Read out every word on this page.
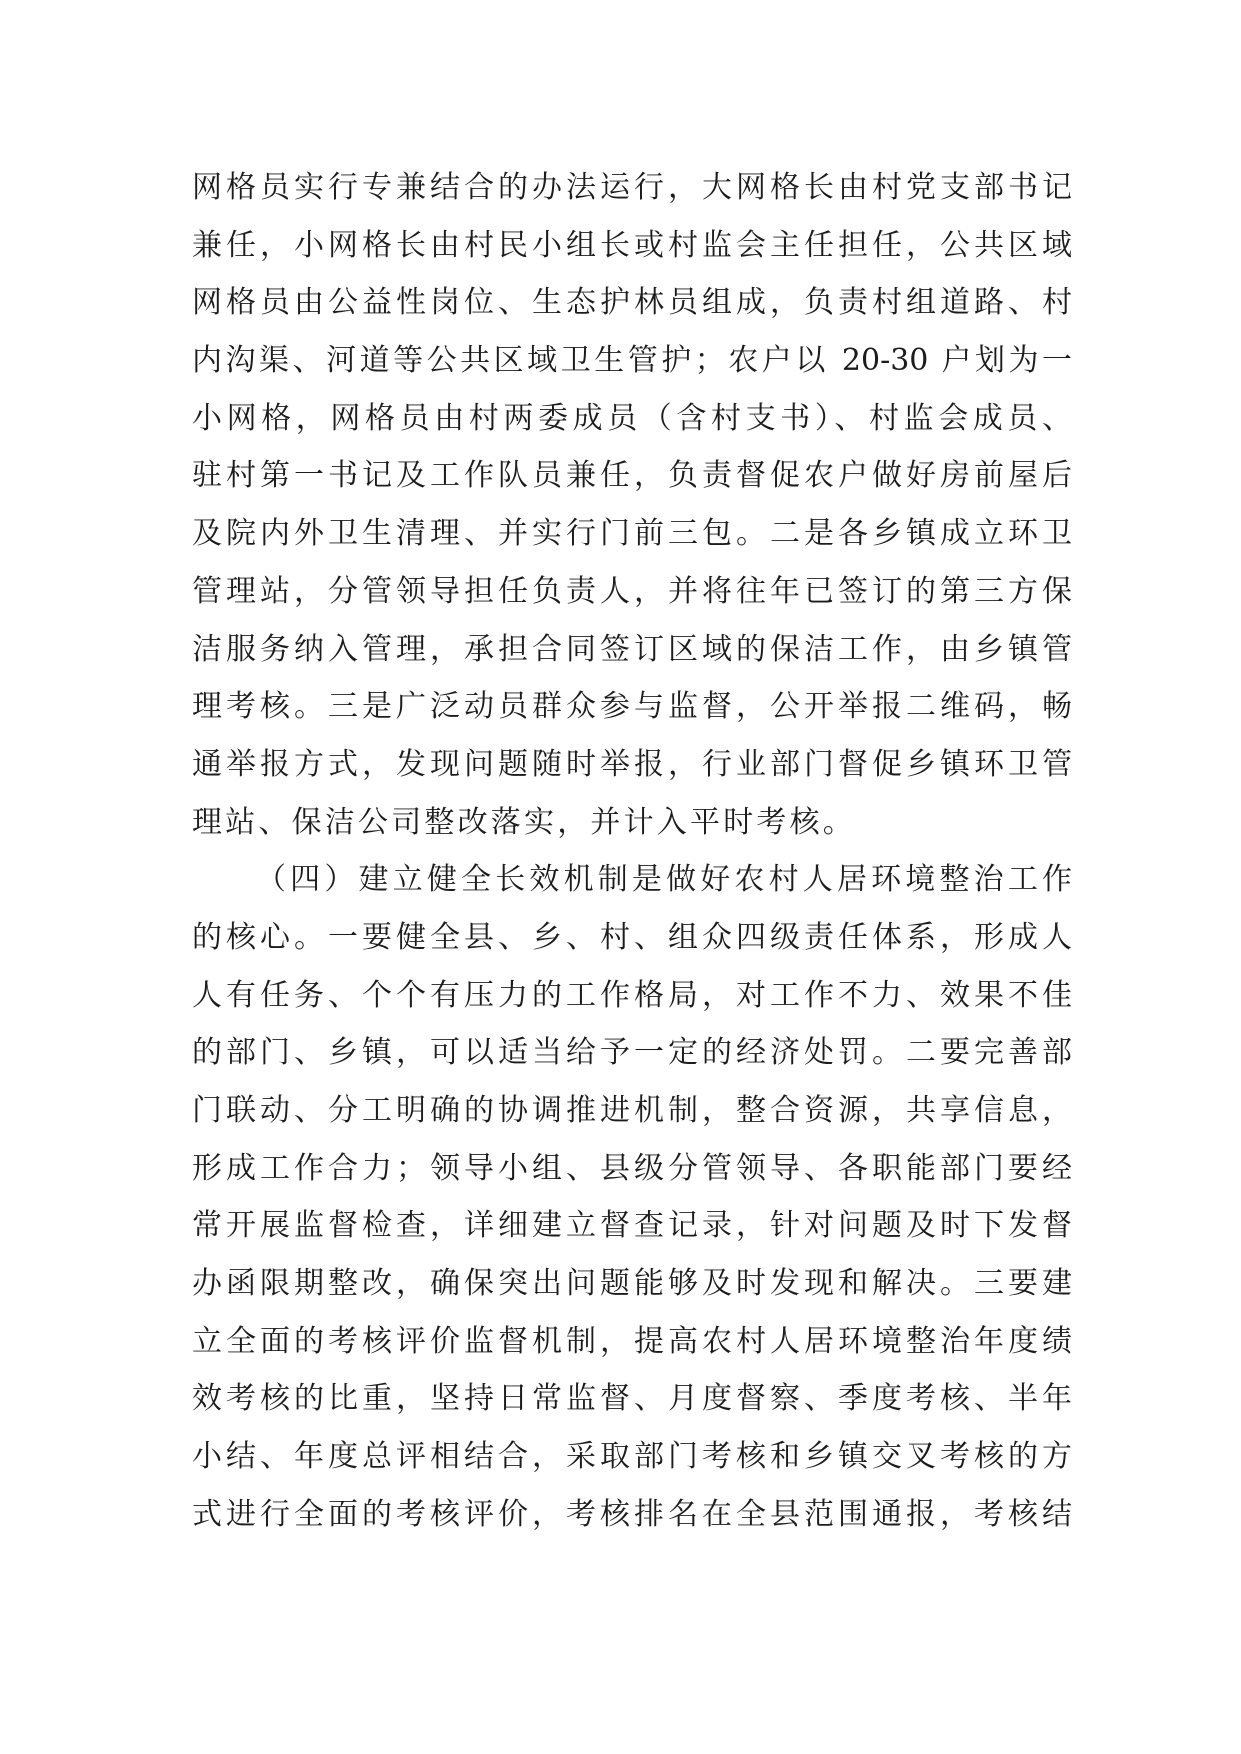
网格员实行专兼结合的办法运行，大网格长由村党支部书记
兼任，小网格长由村民小组长或村监会主任担任，公共区域
网格员由公益性岗位、生态护林员组成，负责村组道路、村
内沟渠、河道等公共区域卫生管护；农户以 20-30 户划为一
小网格，网格员由村两委成员（含村支书）、村监会成员、
驻村第一书记及工作队员兼任，负责督促农户做好房前屋后
及院内外卫生清理、并实行门前三包。二是各乡镇成立环卫
管理站，分管领导担任负责人，并将往年已签订的第三方保
洁服务纳入管理，承担合同签订区域的保洁工作，由乡镇管
理考核。三是广泛动员群众参与监督，公开举报二维码，畅
通举报方式，发现问题随时举报，行业部门督促乡镇环卫管
理站、保洁公司整改落实，并计入平时考核。
（四）建立健全长效机制是做好农村人居环境整治工作
的核心。一要健全县、乡、村、组众四级责任体系，形成人
人有任务、个个有压力的工作格局，对工作不力、效果不佳
的部门、乡镇，可以适当给予一定的经济处罚。二要完善部
门联动、分工明确的协调推进机制，整合资源，共享信息，
形成工作合力；领导小组、县级分管领导、各职能部门要经
常开展监督检查，详细建立督查记录，针对问题及时下发督
办函限期整改，确保突出问题能够及时发现和解决。三要建
立全面的考核评价监督机制，提高农村人居环境整治年度绩
效考核的比重，坚持日常监督、月度督察、季度考核、半年
小结、年度总评相结合，采取部门考核和乡镇交叉考核的方
式进行全面的考核评价，考核排名在全县范围通报，考核结
